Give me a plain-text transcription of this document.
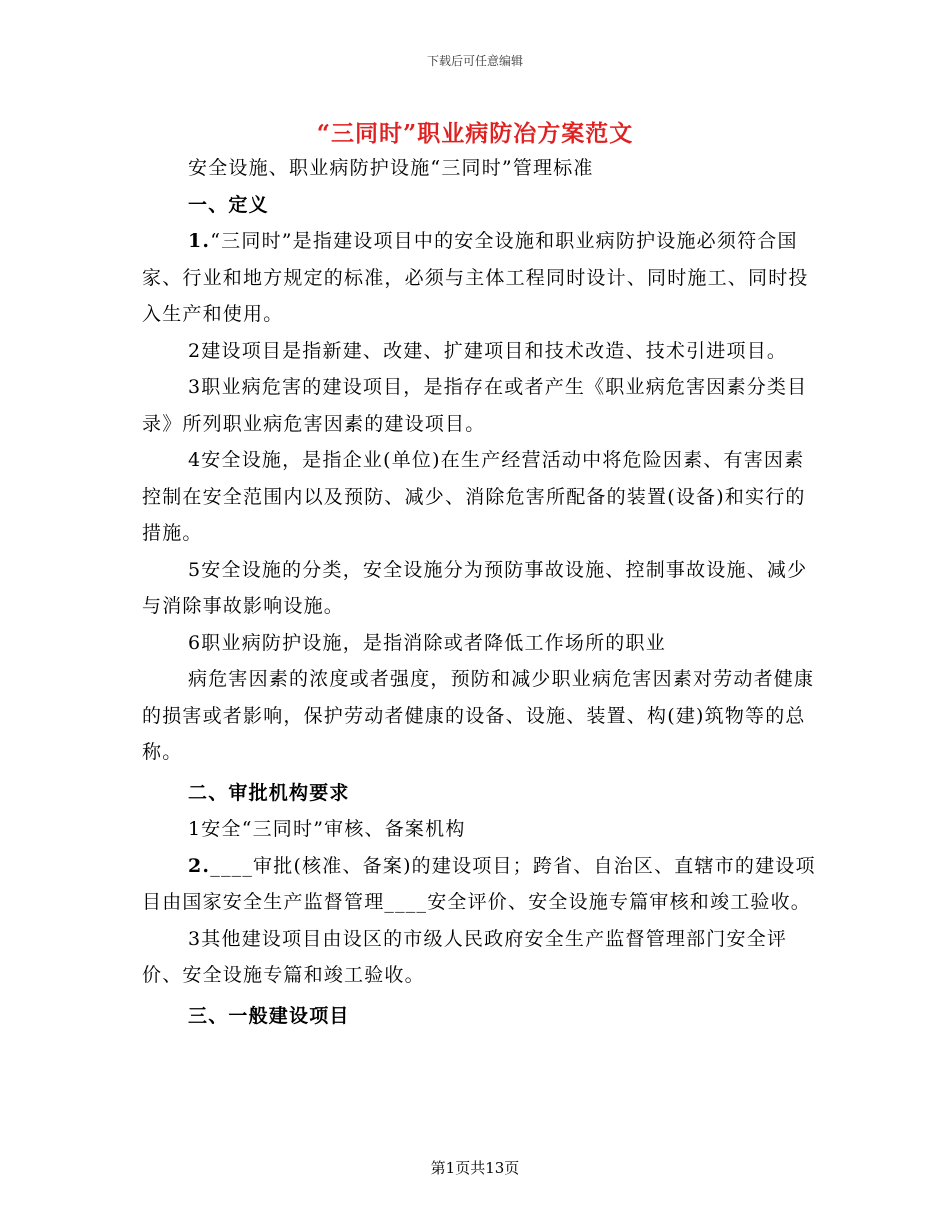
下载后可任意编辑
“三同时”职业病防冶方案范文

安全设施、职业病防护设施“三同时”管理标准

一、定义

1.“三同时”是指建设项目中的安全设施和职业病防护设施必须符合国家、行业和地方规定的标准，必须与主体工程同时设计、同时施工、同时投入生产和使用。

2建设项目是指新建、改建、扩建项目和技术改造、技术引进项目。

3职业病危害的建设项目，是指存在或者产生《职业病危害因素分类目录》所列职业病危害因素的建设项目。

4安全设施，是指企业(单位)在生产经营活动中将危险因素、有害因素控制在安全范围内以及预防、减少、消除危害所配备的装置(设备)和实行的措施。

5安全设施的分类，安全设施分为预防事故设施、控制事故设施、减少与消除事故影响设施。

6职业病防护设施，是指消除或者降低工作场所的职业

病危害因素的浓度或者强度，预防和减少职业病危害因素对劳动者健康的损害或者影响，保护劳动者健康的设备、设施、装置、构(建)筑物等的总称。

二、审批机构要求

1安全“三同时”审核、备案机构

2.____审批(核准、备案)的建设项目；跨省、自治区、直辖市的建设项目由国家安全生产监督管理____安全评价、安全设施专篇审核和竣工验收。

3其他建设项目由设区的市级人民政府安全生产监督管理部门安全评价、安全设施专篇和竣工验收。

三、一般建设项目

第1页共13页
